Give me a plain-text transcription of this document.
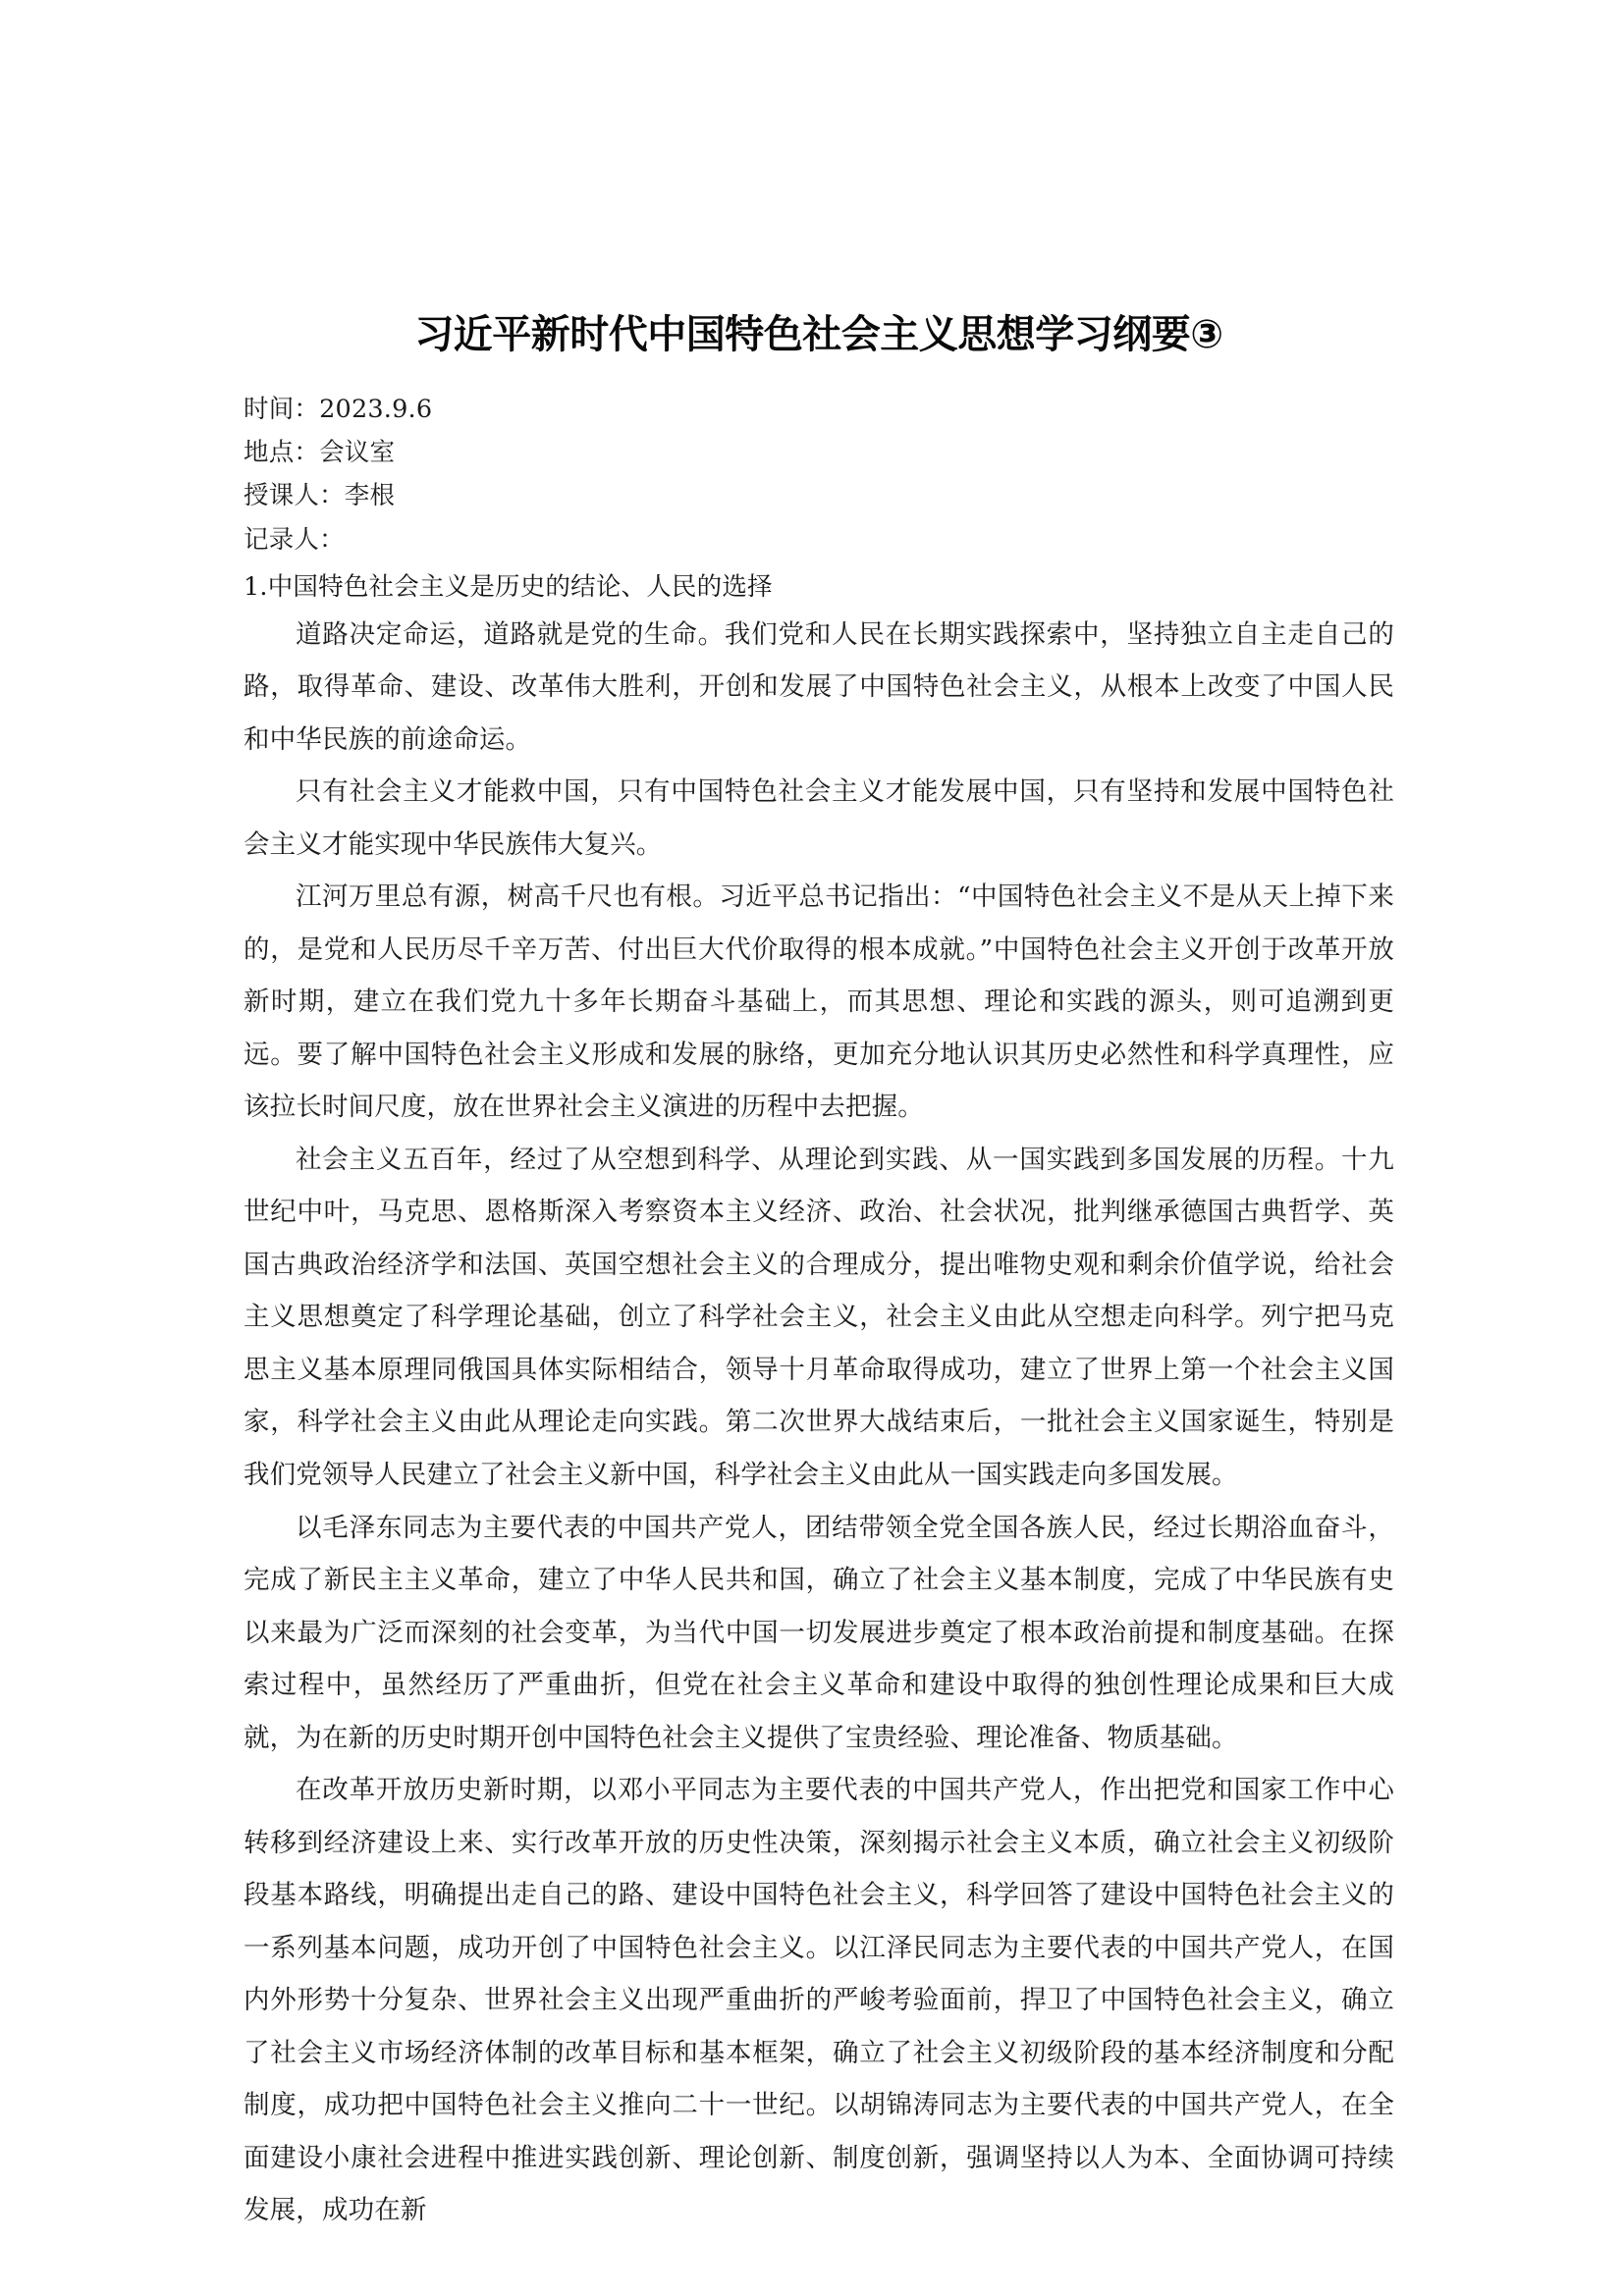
习近平新时代中国特色社会主义思想学习纲要③
时间：2023.9.6
地点：会议室
授课人：李根
记录人：
1.中国特色社会主义是历史的结论、人民的选择

道路决定命运，道路就是党的生命。我们党和人民在长期实践探索中，坚持独立自主走自己的路，取得革命、建设、改革伟大胜利，开创和发展了中国特色社会主义，从根本上改变了中国人民和中华民族的前途命运。

只有社会主义才能救中国，只有中国特色社会主义才能发展中国，只有坚持和发展中国特色社会主义才能实现中华民族伟大复兴。

江河万里总有源，树高千尺也有根。习近平总书记指出：“中国特色社会主义不是从天上掉下来的，是党和人民历尽千辛万苦、付出巨大代价取得的根本成就。”中国特色社会主义开创于改革开放新时期，建立在我们党九十多年长期奋斗基础上，而其思想、理论和实践的源头，则可追溯到更远。要了解中国特色社会主义形成和发展的脉络，更加充分地认识其历史必然性和科学真理性，应该拉长时间尺度，放在世界社会主义演进的历程中去把握。

社会主义五百年，经过了从空想到科学、从理论到实践、从一国实践到多国发展的历程。十九世纪中叶，马克思、恩格斯深入考察资本主义经济、政治、社会状况，批判继承德国古典哲学、英国古典政治经济学和法国、英国空想社会主义的合理成分，提出唯物史观和剩余价值学说，给社会主义思想奠定了科学理论基础，创立了科学社会主义，社会主义由此从空想走向科学。列宁把马克思主义基本原理同俄国具体实际相结合，领导十月革命取得成功，建立了世界上第一个社会主义国家，科学社会主义由此从理论走向实践。第二次世界大战结束后，一批社会主义国家诞生，特别是我们党领导人民建立了社会主义新中国，科学社会主义由此从一国实践走向多国发展。

以毛泽东同志为主要代表的中国共产党人，团结带领全党全国各族人民，经过长期浴血奋斗，完成了新民主主义革命，建立了中华人民共和国，确立了社会主义基本制度，完成了中华民族有史以来最为广泛而深刻的社会变革，为当代中国一切发展进步奠定了根本政治前提和制度基础。在探索过程中，虽然经历了严重曲折，但党在社会主义革命和建设中取得的独创性理论成果和巨大成就，为在新的历史时期开创中国特色社会主义提供了宝贵经验、理论准备、物质基础。

在改革开放历史新时期，以邓小平同志为主要代表的中国共产党人，作出把党和国家工作中心转移到经济建设上来、实行改革开放的历史性决策，深刻揭示社会主义本质，确立社会主义初级阶段基本路线，明确提出走自己的路、建设中国特色社会主义，科学回答了建设中国特色社会主义的一系列基本问题，成功开创了中国特色社会主义。以江泽民同志为主要代表的中国共产党人，在国内外形势十分复杂、世界社会主义出现严重曲折的严峻考验面前，捍卫了中国特色社会主义，确立了社会主义市场经济体制的改革目标和基本框架，确立了社会主义初级阶段的基本经济制度和分配制度，成功把中国特色社会主义推向二十一世纪。以胡锦涛同志为主要代表的中国共产党人，在全面建设小康社会进程中推进实践创新、理论创新、制度创新，强调坚持以人为本、全面协调可持续发展，成功在新
